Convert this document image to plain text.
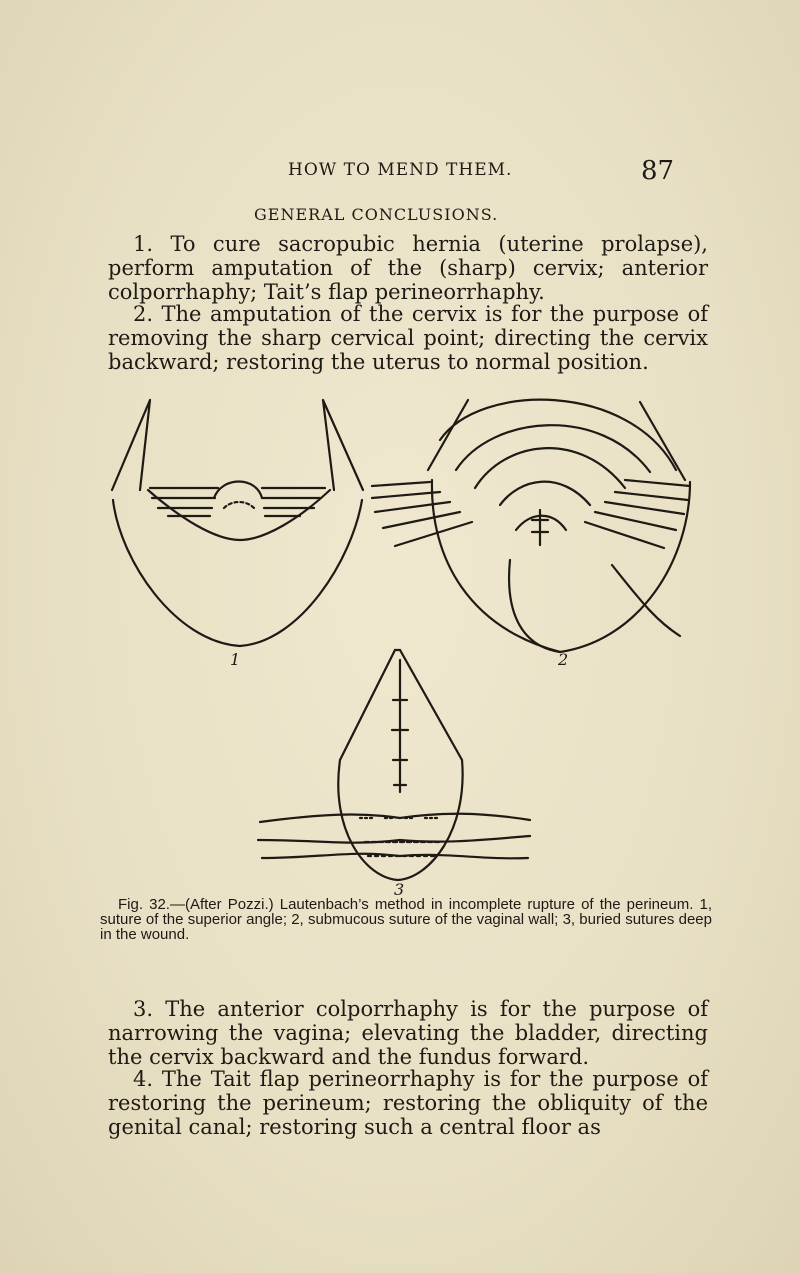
HOW TO MEND THEM.	87
GENERAL CONCLUSIONS.

1. To cure sacropubic hernia (uterine prolapse), perform amputation of the (sharp) cervix; anterior colporrhaphy; Tait’s flap perineorrhaphy.

2. The amputation of the cervix is for the purpose of removing the sharp cervical point; directing the cervix backward; restoring the uterus to normal position.

1	2
3

Fig. 32.—(After Pozzi.) Lautenbach’s method in incomplete rupture of the perineum. 1, suture of the superior angle; 2, submucous suture of the vaginal wall; 3, buried sutures deep in the wound.

3. The anterior colporrhaphy is for the purpose of narrowing the vagina; elevating the bladder, directing the cervix backward and the fundus forward.

4. The Tait flap perineorrhaphy is for the purpose of restoring the perineum; restoring the obliquity of the genital canal; restoring such a central floor as
